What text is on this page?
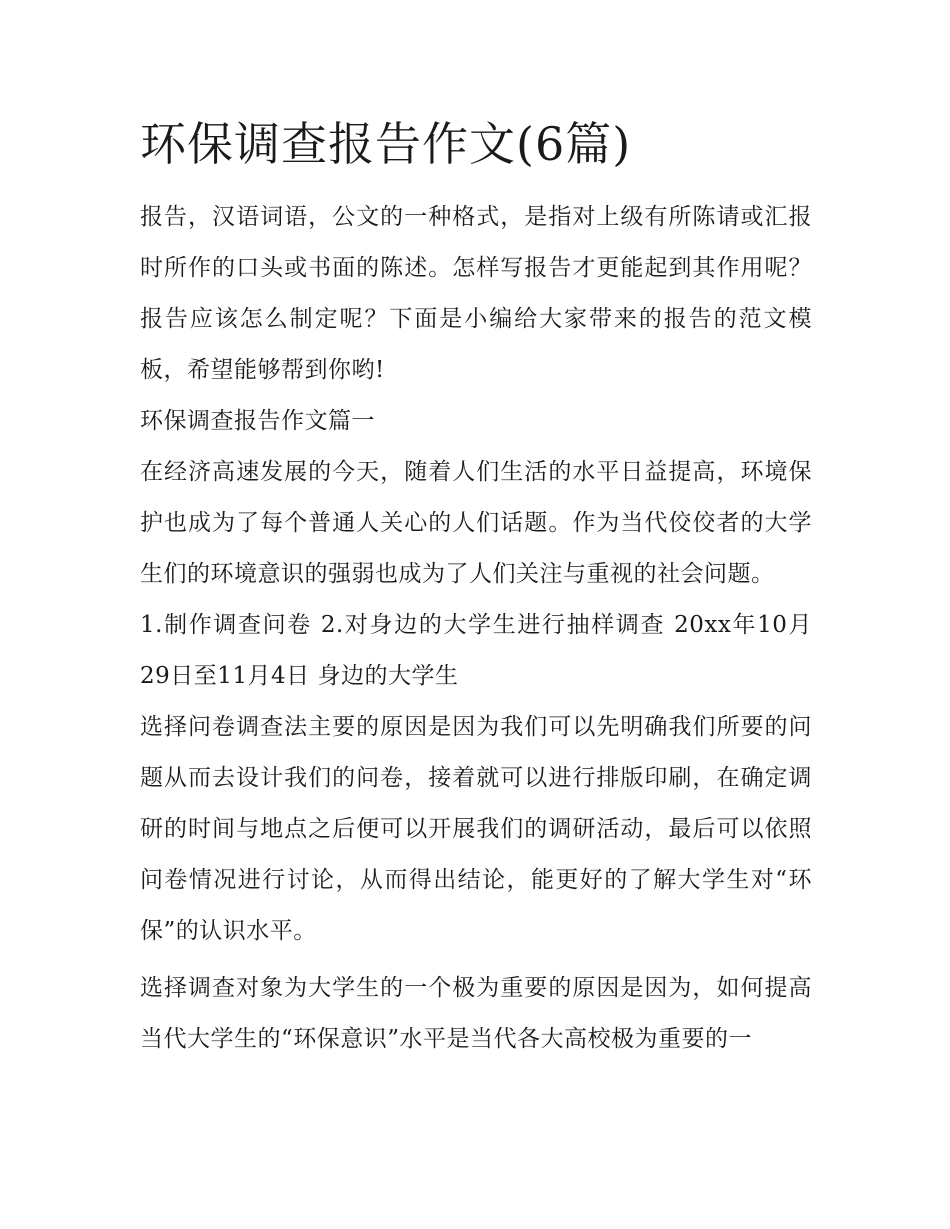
环保调查报告作文(6篇)

报告，汉语词语，公文的一种格式，是指对上级有所陈请或汇报时所作的口头或书面的陈述。怎样写报告才更能起到其作用呢？报告应该怎么制定呢？下面是小编给大家带来的报告的范文模板，希望能够帮到你哟!

环保调查报告作文篇一

在经济高速发展的今天，随着人们生活的水平日益提高，环境保护也成为了每个普通人关心的人们话题。作为当代佼佼者的大学生们的环境意识的强弱也成为了人们关注与重视的社会问题。

1.制作调查问卷 2.对身边的大学生进行抽样调查 20xx年10月29日至11月4日 身边的大学生

选择问卷调查法主要的原因是因为我们可以先明确我们所要的问题从而去设计我们的问卷，接着就可以进行排版印刷，在确定调研的时间与地点之后便可以开展我们的调研活动，最后可以依照问卷情况进行讨论，从而得出结论，能更好的了解大学生对“环保”的认识水平。

选择调查对象为大学生的一个极为重要的原因是因为，如何提高当代大学生的“环保意识”水平是当代各大高校极为重要的一
